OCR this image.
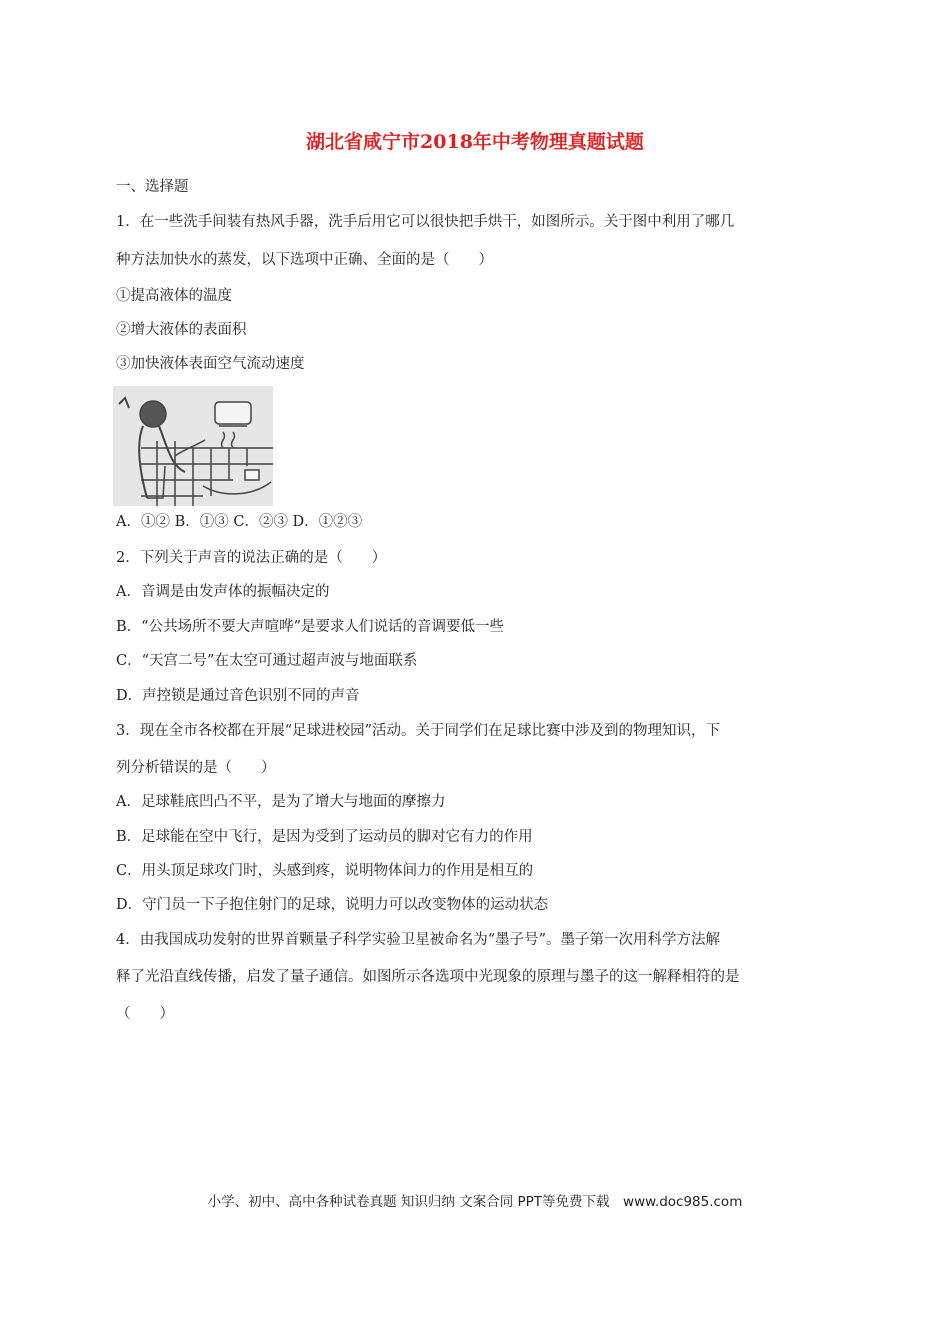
湖北省咸宁市2018年中考物理真题试题

一、选择题

1．在一些洗手间装有热风手器，洗手后用它可以很快把手烘干，如图所示。关于图中利用了哪几

种方法加快水的蒸发，以下选项中正确、全面的是（　　）

①提高液体的温度

②增大液体的表面积

③加快液体表面空气流动速度

A．①② B．①③ C．②③ D．①②③

2．下列关于声音的说法正确的是（　　）

A．音调是由发声体的振幅决定的

B．“公共场所不要大声喧哗”是要求人们说话的音调要低一些

C．“天宫二号”在太空可通过超声波与地面联系

D．声控锁是通过音色识别不同的声音

3．现在全市各校都在开展“足球进校园”活动。关于同学们在足球比赛中涉及到的物理知识，下

列分析错误的是（　　）

A．足球鞋底凹凸不平，是为了增大与地面的摩擦力

B．足球能在空中飞行，是因为受到了运动员的脚对它有力的作用

C．用头顶足球攻门时，头感到疼，说明物体间力的作用是相互的

D．守门员一下子抱住射门的足球，说明力可以改变物体的运动状态

4．由我国成功发射的世界首颗量子科学实验卫星被命名为“墨子号”。墨子第一次用科学方法解

释了光沿直线传播，启发了量子通信。如图所示各选项中光现象的原理与墨子的这一解释相符的是

（　　）

小学、初中、高中各种试卷真题 知识归纳 文案合同 PPT等免费下载　www.doc985.com
